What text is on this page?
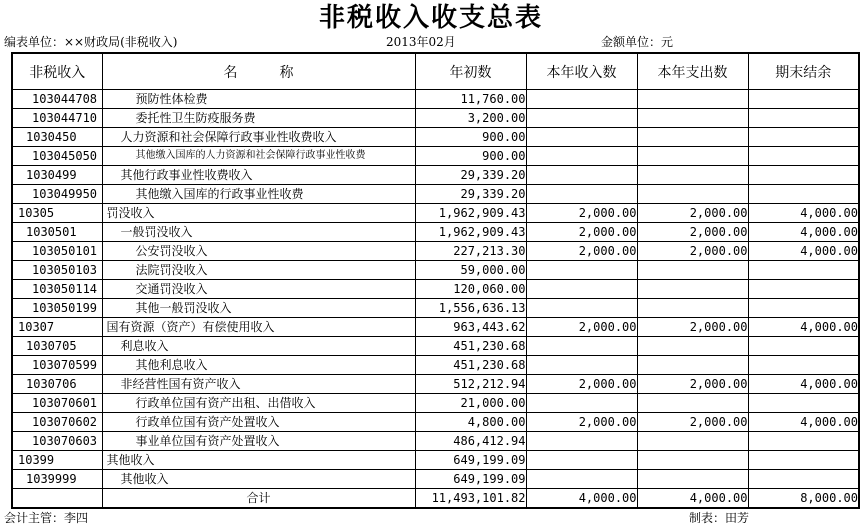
非税收入收支总表
编表单位：××财政局(非税收入)	2013年02月	金额单位：元
非税收入	名　　　称	年初数	本年收入数	本年支出数	期末结余
103044708	预防性体检费	11,760.00			
103044710	委托性卫生防疫服务费	3,200.00			
1030450	人力资源和社会保障行政事业性收费收入	900.00			
103045050	其他缴入国库的人力资源和社会保障行政事业性收费	900.00			
1030499	其他行政事业性收费收入	29,339.20			
103049950	其他缴入国库的行政事业性收费	29,339.20			
10305	罚没收入	1,962,909.43	2,000.00	2,000.00	4,000.00
1030501	一般罚没收入	1,962,909.43	2,000.00	2,000.00	4,000.00
103050101	公安罚没收入	227,213.30	2,000.00	2,000.00	4,000.00
103050103	法院罚没收入	59,000.00			
103050114	交通罚没收入	120,060.00			
103050199	其他一般罚没收入	1,556,636.13			
10307	国有资源（资产）有偿使用收入	963,443.62	2,000.00	2,000.00	4,000.00
1030705	利息收入	451,230.68			
103070599	其他利息收入	451,230.68			
1030706	非经营性国有资产收入	512,212.94	2,000.00	2,000.00	4,000.00
103070601	行政单位国有资产出租、出借收入	21,000.00			
103070602	行政单位国有资产处置收入	4,800.00	2,000.00	2,000.00	4,000.00
103070603	事业单位国有资产处置收入	486,412.94			
10399	其他收入	649,199.09			
1039999	其他收入	649,199.09			
	合计	11,493,101.82	4,000.00	4,000.00	8,000.00
会计主管：李四	制表：田芳
